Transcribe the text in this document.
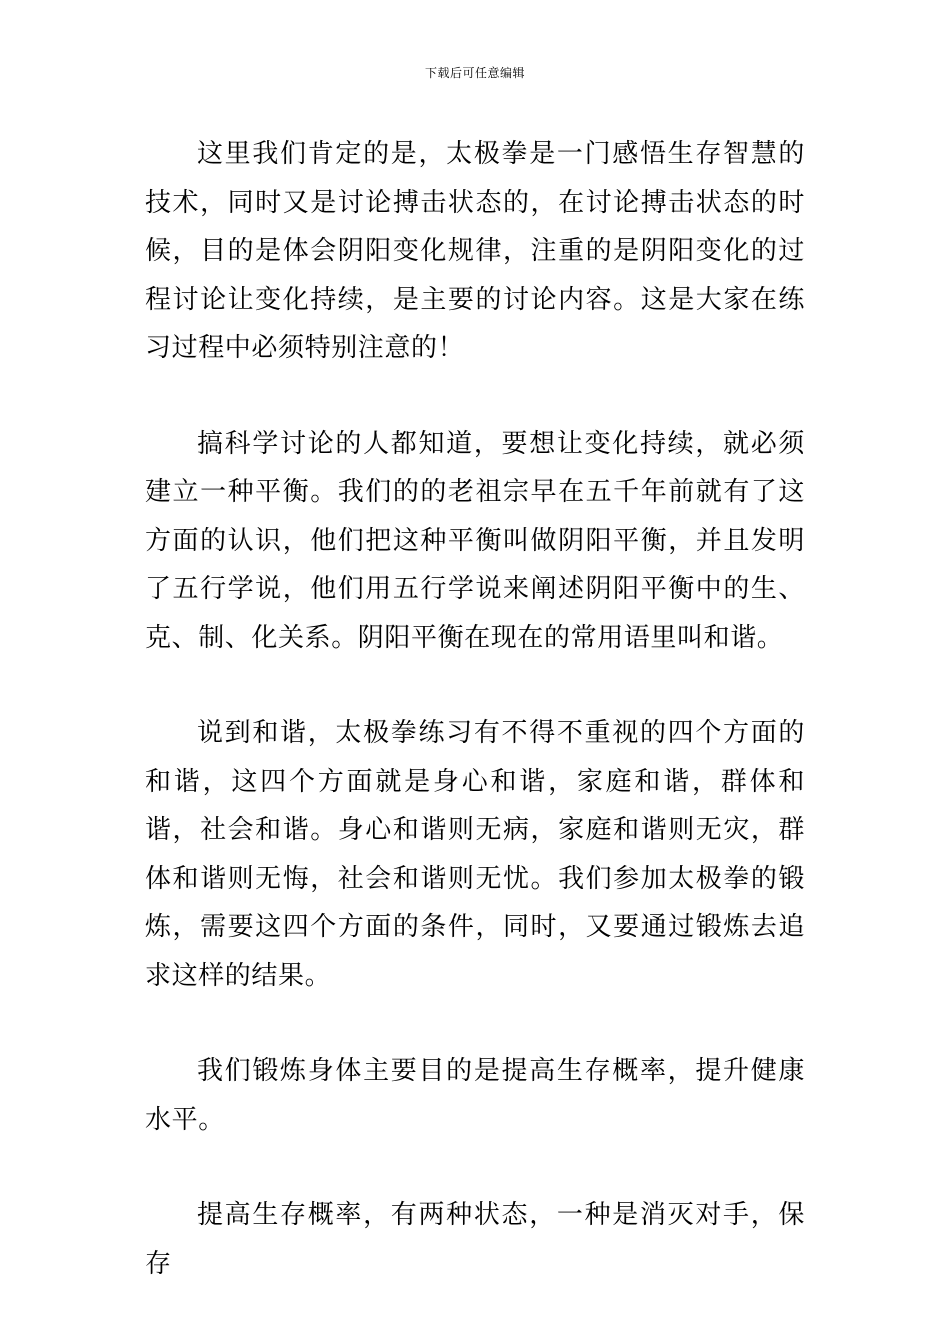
下载后可任意编辑

这里我们肯定的是，太极拳是一门感悟生存智慧的技术，同时又是讨论搏击状态的，在讨论搏击状态的时候，目的是体会阴阳变化规律，注重的是阴阳变化的过程讨论让变化持续，是主要的讨论内容。这是大家在练习过程中必须特别注意的！

搞科学讨论的人都知道，要想让变化持续，就必须建立一种平衡。我们的的老祖宗早在五千年前就有了这方面的认识，他们把这种平衡叫做阴阳平衡，并且发明了五行学说，他们用五行学说来阐述阴阳平衡中的生、克、制、化关系。阴阳平衡在现在的常用语里叫和谐。

说到和谐，太极拳练习有不得不重视的四个方面的和谐，这四个方面就是身心和谐，家庭和谐，群体和谐，社会和谐。身心和谐则无病，家庭和谐则无灾，群体和谐则无悔，社会和谐则无忧。我们参加太极拳的锻炼，需要这四个方面的条件，同时，又要通过锻炼去追求这样的结果。

我们锻炼身体主要目的是提高生存概率，提升健康水平。

提高生存概率，有两种状态，一种是消灭对手，保存
